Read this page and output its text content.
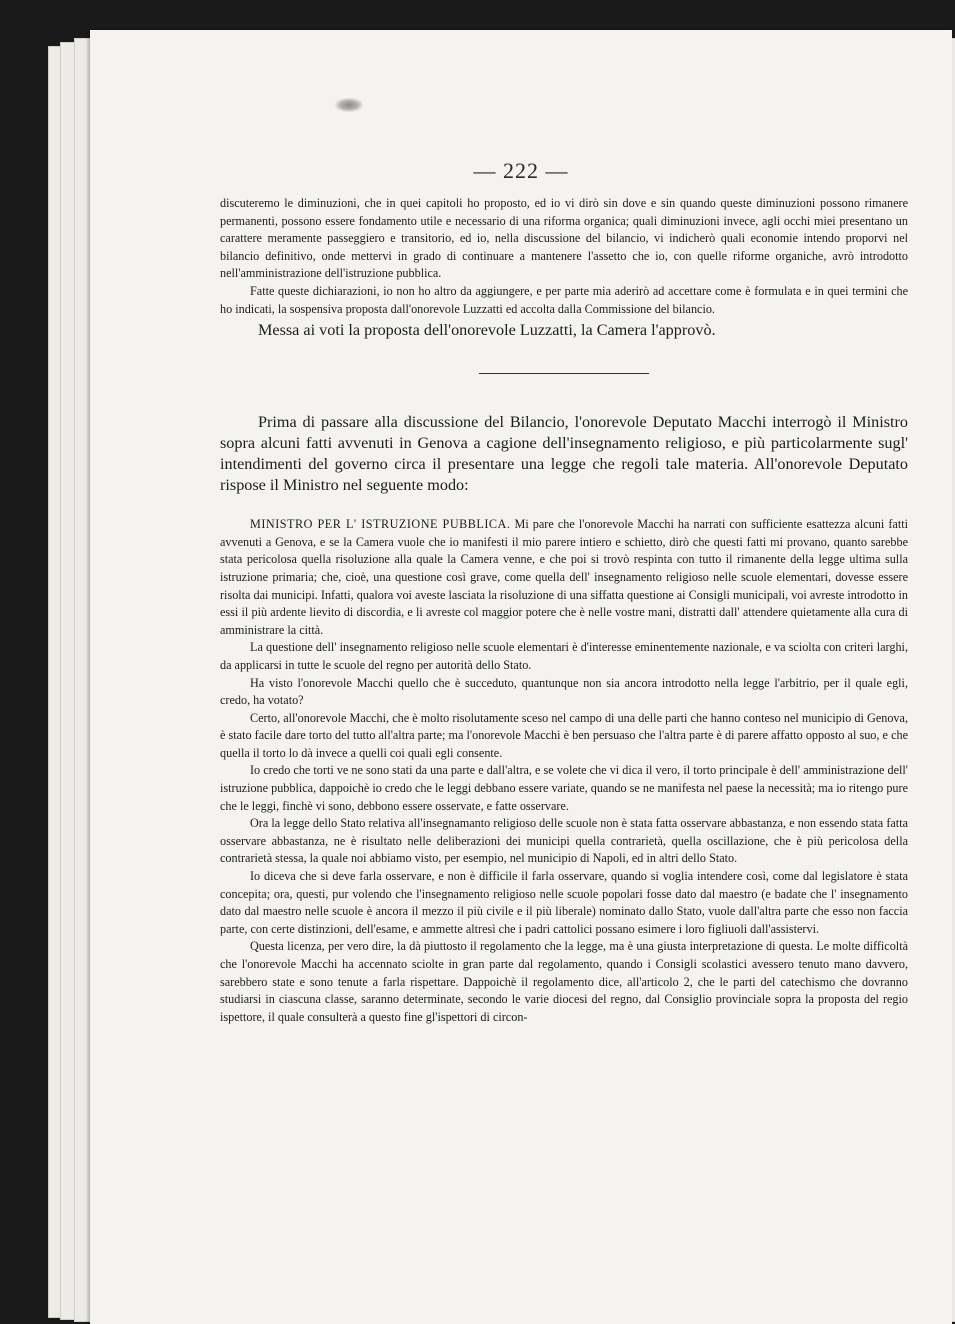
— 222 —

discuteremo le diminuzioni, che in quei capitoli ho proposto, ed io vi dirò sin dove e sin quando queste diminuzioni possono rimanere permanenti, possono essere fondamento utile e necessario di una riforma organica; quali diminuzioni invece, agli occhi miei presentano un carattere meramente passeggiero e transitorio, ed io, nella discussione del bilancio, vi indicherò quali economie intendo proporvi nel bilancio definitivo, onde mettervi in grado di continuare a mantenere l'assetto che io, con quelle riforme organiche, avrò introdotto nell'amministrazione dell'istruzione pubblica.

Fatte queste dichiarazioni, io non ho altro da aggiungere, e per parte mia aderirò ad accettare come è formulata e in quei termini che ho indicati, la sospensiva proposta dall'onorevole Luzzatti ed accolta dalla Commissione del bilancio.

Messa ai voti la proposta dell'onorevole Luzzatti, la Camera l'approvò.

Prima di passare alla discussione del Bilancio, l'onorevole Deputato Macchi interrogò il Ministro sopra alcuni fatti avvenuti in Genova a cagione dell'insegnamento religioso, e più particolarmente sugl' intendimenti del governo circa il presentare una legge che regoli tale materia. All'onorevole Deputato rispose il Ministro nel seguente modo:

MINISTRO PER L' ISTRUZIONE PUBBLICA. Mi pare che l'onorevole Macchi ha narrati con sufficiente esattezza alcuni fatti avvenuti a Genova, e se la Camera vuole che io manifesti il mio parere intiero e schietto, dirò che questi fatti mi provano, quanto sarebbe stata pericolosa quella risoluzione alla quale la Camera venne, e che poi si trovò respinta con tutto il rimanente della legge ultima sulla istruzione primaria; che, cioè, una questione così grave, come quella dell' insegnamento religioso nelle scuole elementari, dovesse essere risolta dai municipi. Infatti, qualora voi aveste lasciata la risoluzione di una siffatta questione ai Consigli municipali, voi avreste introdotto in essi il più ardente lievito di discordia, e li avreste col maggior potere che è nelle vostre mani, distratti dall' attendere quietamente alla cura di amministrare la città.

La questione dell' insegnamento religioso nelle scuole elementari è d'interesse eminentemente nazionale, e va sciolta con criteri larghi, da applicarsi in tutte le scuole del regno per autorità dello Stato.

Ha visto l'onorevole Macchi quello che è succeduto, quantunque non sia ancora introdotto nella legge l'arbitrio, per il quale egli, credo, ha votato?

Certo, all'onorevole Macchi, che è molto risolutamente sceso nel campo di una delle parti che hanno conteso nel municipio di Genova, è stato facile dare torto del tutto all'altra parte; ma l'onorevole Macchi è ben persuaso che l'altra parte è di parere affatto opposto al suo, e che quella il torto lo dà invece a quelli coi quali egli consente.

Io credo che torti ve ne sono stati da una parte e dall'altra, e se volete che vi dica il vero, il torto principale è dell' amministrazione dell' istruzione pubblica, dappoichè io credo che le leggi debbano essere variate, quando se ne manifesta nel paese la necessità; ma io ritengo pure che le leggi, finchè vi sono, debbono essere osservate, e fatte osservare.

Ora la legge dello Stato relativa all'insegnamanto religioso delle scuole non è stata fatta osservare abbastanza, e non essendo stata fatta osservare abbastanza, ne è risultato nelle deliberazioni dei municipi quella contrarietà, quella oscillazione, che è più pericolosa della contrarietà stessa, la quale noi abbiamo visto, per esempio, nel municipio di Napoli, ed in altri dello Stato.

Io diceva che si deve farla osservare, e non è difficile il farla osservare, quando si voglia intendere così, come dal legislatore è stata concepita; ora, questi, pur volendo che l'insegnamento religioso nelle scuole popolari fosse dato dal maestro (e badate che l' insegnamento dato dal maestro nelle scuole è ancora il mezzo il più civile e il più liberale) nominato dallo Stato, vuole dall'altra parte che esso non faccia parte, con certe distinzioni, dell'esame, e ammette altresì che i padri cattolici possano esimere i loro figliuoli dall'assistervi.

Questa licenza, per vero dire, la dà piuttosto il regolamento che la legge, ma è una giusta interpretazione di questa. Le molte difficoltà che l'onorevole Macchi ha accennato sciolte in gran parte dal regolamento, quando i Consigli scolastici avessero tenuto mano davvero, sarebbero state e sono tenute a farla rispettare. Dappoichè il regolamento dice, all'articolo 2, che le parti del catechismo che dovranno studiarsi in ciascuna classe, saranno determinate, secondo le varie diocesi del regno, dal Consiglio provinciale sopra la proposta del regio ispettore, il quale consulterà a questo fine gl'ispettori di circon-
